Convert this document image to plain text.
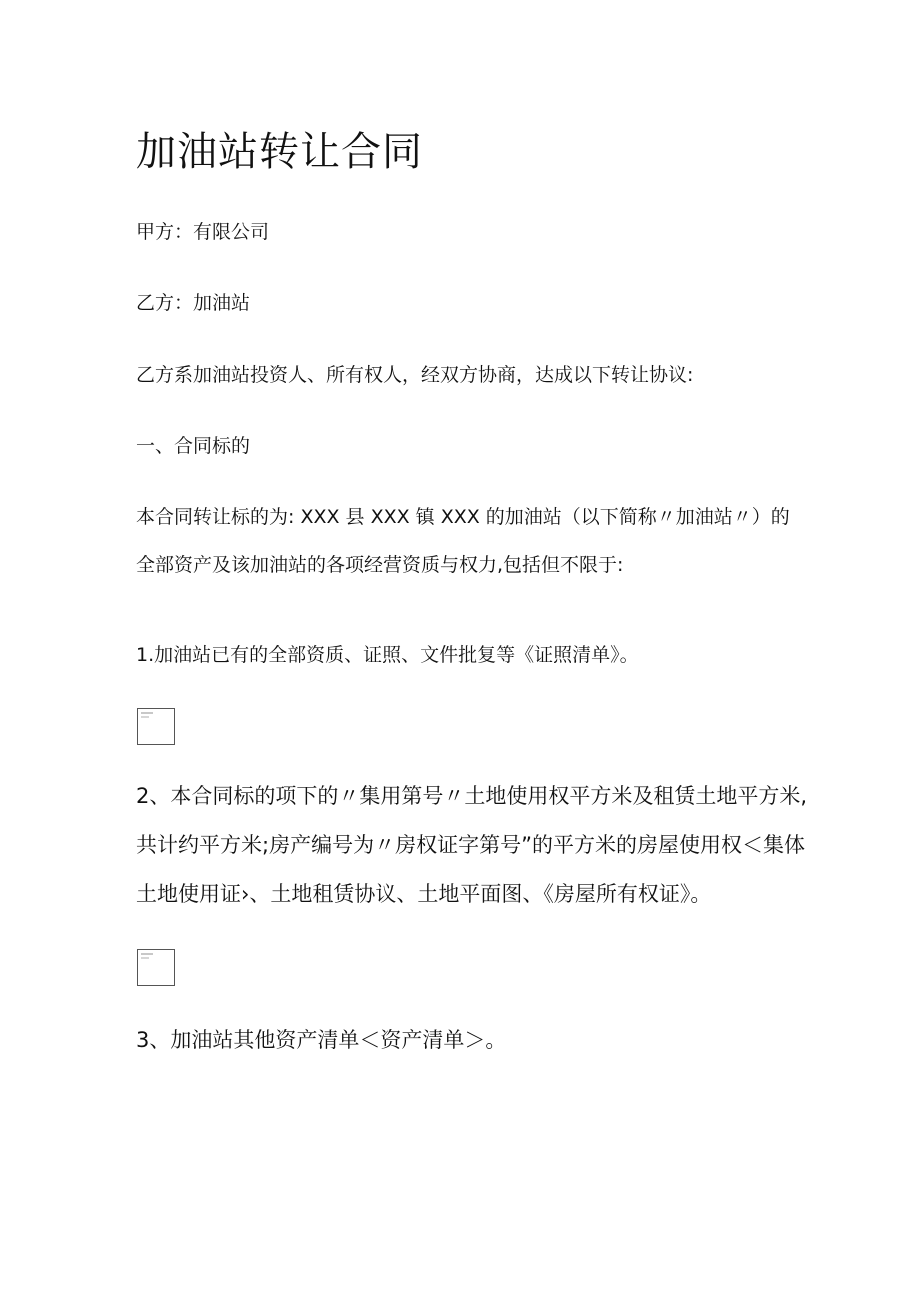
加油站转让合同

甲方：有限公司

乙方：加油站

乙方系加油站投资人、所有权人，经双方协商，达成以下转让协议:

一、合同标的

本合同转让标的为: XXX 县 XXX 镇 XXX 的加油站（以下简称〃加油站〃）的
全部资产及该加油站的各项经营资质与权力,包括但不限于:

1.加油站已有的全部资质、证照、文件批复等《证照清单》。

2、本合同标的项下的〃集用第号〃土地使用权平方米及租赁土地平方米,
共计约平方米;房产编号为〃房权证字第号”的平方米的房屋使用权＜集体
土地使用证›、土地租赁协议、土地平面图、《房屋所有权证》。

3、加油站其他资产清单＜资产清单＞。
